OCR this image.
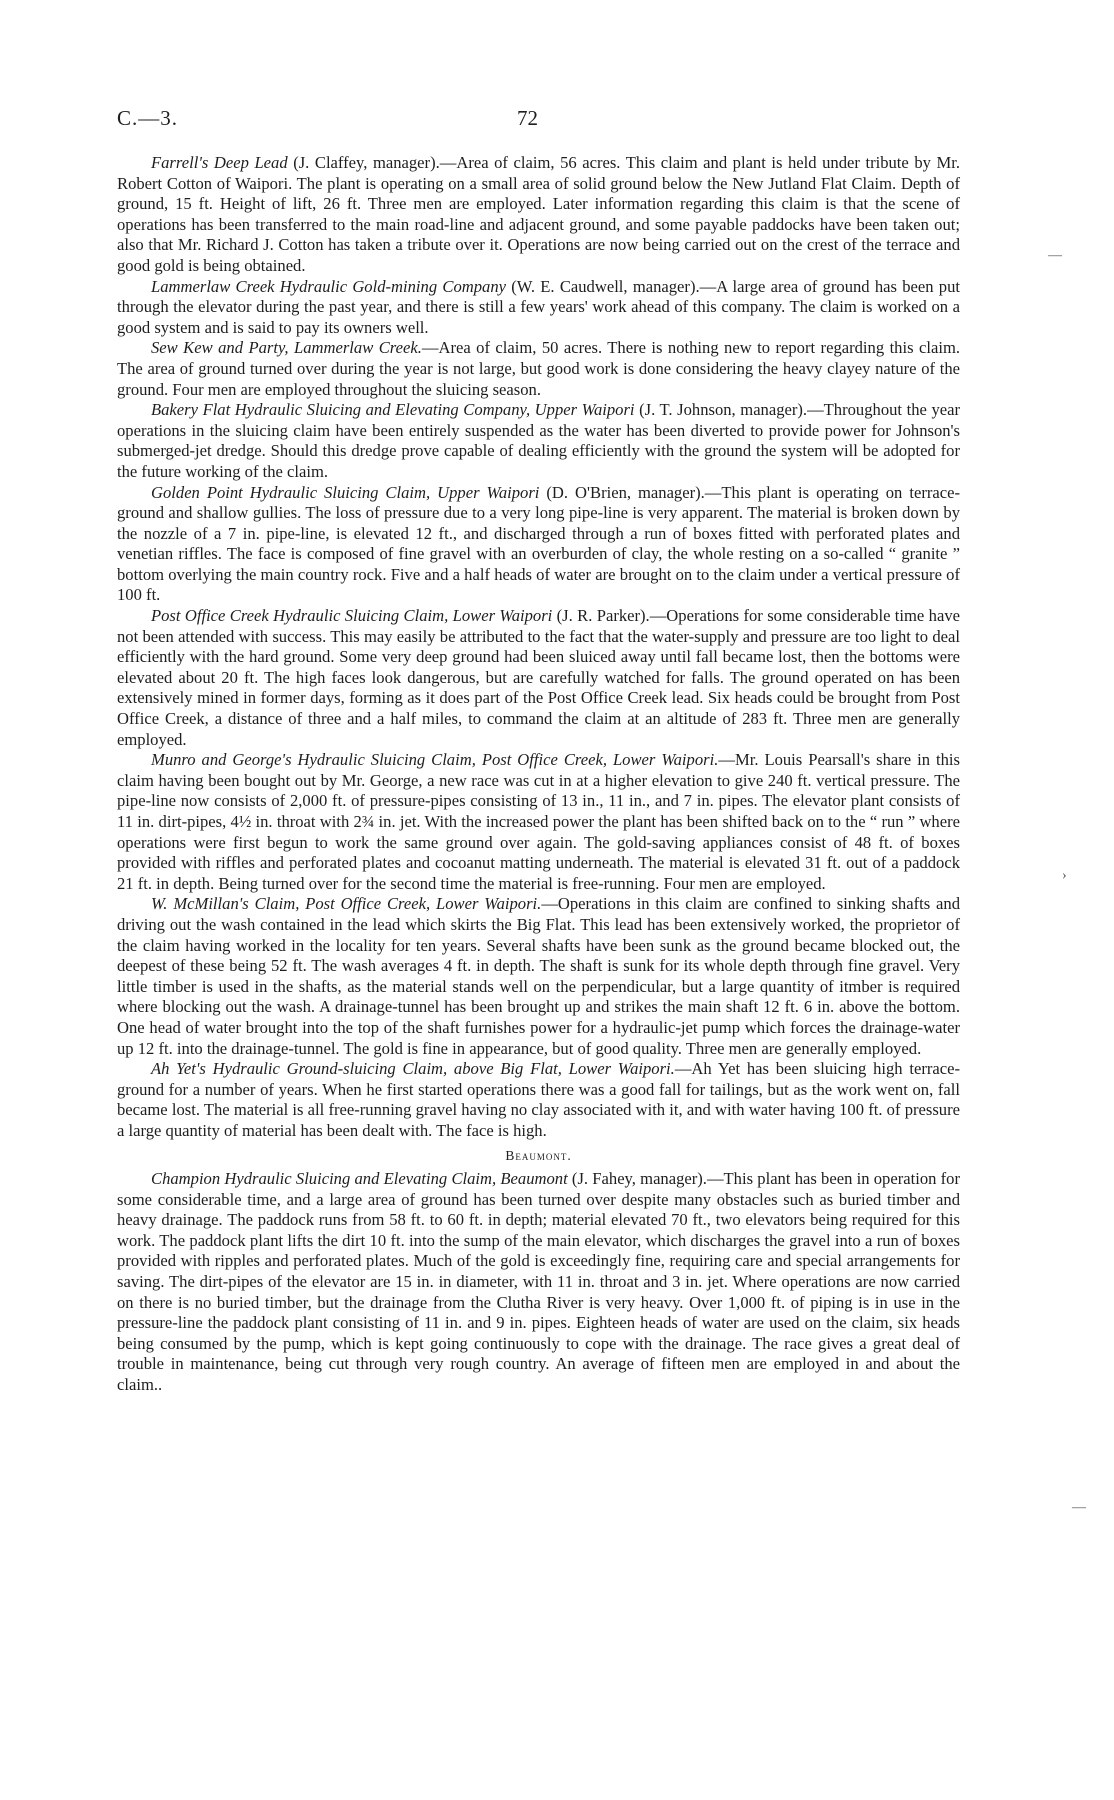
C.—3.	72

Farrell's Deep Lead (J. Claffey, manager).—Area of claim, 56 acres. This claim and plant is held under tribute by Mr. Robert Cotton of Waipori. The plant is operating on a small area of solid ground below the New Jutland Flat Claim. Depth of ground, 15 ft. Height of lift, 26 ft. Three men are employed. Later information regarding this claim is that the scene of operations has been transferred to the main road-line and adjacent ground, and some payable paddocks have been taken out; also that Mr. Richard J. Cotton has taken a tribute over it. Operations are now being carried out on the crest of the terrace and good gold is being obtained.

Lammerlaw Creek Hydraulic Gold-mining Company (W. E. Caudwell, manager).—A large area of ground has been put through the elevator during the past year, and there is still a few years' work ahead of this company. The claim is worked on a good system and is said to pay its owners well.

Sew Kew and Party, Lammerlaw Creek.—Area of claim, 50 acres. There is nothing new to report regarding this claim. The area of ground turned over during the year is not large, but good work is done considering the heavy clayey nature of the ground. Four men are employed throughout the sluicing season.

Bakery Flat Hydraulic Sluicing and Elevating Company, Upper Waipori (J. T. Johnson, manager).—Throughout the year operations in the sluicing claim have been entirely suspended as the water has been diverted to provide power for Johnson's submerged-jet dredge. Should this dredge prove capable of dealing efficiently with the ground the system will be adopted for the future working of the claim.

Golden Point Hydraulic Sluicing Claim, Upper Waipori (D. O'Brien, manager).—This plant is operating on terrace-ground and shallow gullies. The loss of pressure due to a very long pipe-line is very apparent. The material is broken down by the nozzle of a 7 in. pipe-line, is elevated 12 ft., and discharged through a run of boxes fitted with perforated plates and venetian riffles. The face is composed of fine gravel with an overburden of clay, the whole resting on a so-called “ granite ” bottom overlying the main country rock. Five and a half heads of water are brought on to the claim under a vertical pressure of 100 ft.

Post Office Creek Hydraulic Sluicing Claim, Lower Waipori (J. R. Parker).—Operations for some considerable time have not been attended with success. This may easily be attributed to the fact that the water-supply and pressure are too light to deal efficiently with the hard ground. Some very deep ground had been sluiced away until fall became lost, then the bottoms were elevated about 20 ft. The high faces look dangerous, but are carefully watched for falls. The ground operated on has been extensively mined in former days, forming as it does part of the Post Office Creek lead. Six heads could be brought from Post Office Creek, a distance of three and a half miles, to command the claim at an altitude of 283 ft. Three men are generally employed.

Munro and George's Hydraulic Sluicing Claim, Post Office Creek, Lower Waipori.—Mr. Louis Pearsall's share in this claim having been bought out by Mr. George, a new race was cut in at a higher elevation to give 240 ft. vertical pressure. The pipe-line now consists of 2,000 ft. of pressure-pipes consisting of 13 in., 11 in., and 7 in. pipes. The elevator plant consists of 11 in. dirt-pipes, 4½ in. throat with 2¾ in. jet. With the increased power the plant has been shifted back on to the “ run ” where operations were first begun to work the same ground over again. The gold-saving appliances consist of 48 ft. of boxes provided with riffles and perforated plates and cocoanut matting underneath. The material is elevated 31 ft. out of a paddock 21 ft. in depth. Being turned over for the second time the material is free-running. Four men are employed.

W. McMillan's Claim, Post Office Creek, Lower Waipori.—Operations in this claim are confined to sinking shafts and driving out the wash contained in the lead which skirts the Big Flat. This lead has been extensively worked, the proprietor of the claim having worked in the locality for ten years. Several shafts have been sunk as the ground became blocked out, the deepest of these being 52 ft. The wash averages 4 ft. in depth. The shaft is sunk for its whole depth through fine gravel. Very little timber is used in the shafts, as the material stands well on the perpendicular, but a large quantity of itmber is required where blocking out the wash. A drainage-tunnel has been brought up and strikes the main shaft 12 ft. 6 in. above the bottom. One head of water brought into the top of the shaft furnishes power for a hydraulic-jet pump which forces the drainage-water up 12 ft. into the drainage-tunnel. The gold is fine in appearance, but of good quality. Three men are generally employed.

Ah Yet's Hydraulic Ground-sluicing Claim, above Big Flat, Lower Waipori.—Ah Yet has been sluicing high terrace-ground for a number of years. When he first started operations there was a good fall for tailings, but as the work went on, fall became lost. The material is all free-running gravel having no clay associated with it, and with water having 100 ft. of pressure a large quantity of material has been dealt with. The face is high.

Beaumont.

Champion Hydraulic Sluicing and Elevating Claim, Beaumont (J. Fahey, manager).—This plant has been in operation for some considerable time, and a large area of ground has been turned over despite many obstacles such as buried timber and heavy drainage. The paddock runs from 58 ft. to 60 ft. in depth; material elevated 70 ft., two elevators being required for this work. The paddock plant lifts the dirt 10 ft. into the sump of the main elevator, which discharges the gravel into a run of boxes provided with ripples and perforated plates. Much of the gold is exceedingly fine, requiring care and special arrangements for saving. The dirt-pipes of the elevator are 15 in. in diameter, with 11 in. throat and 3 in. jet. Where operations are now carried on there is no buried timber, but the drainage from the Clutha River is very heavy. Over 1,000 ft. of piping is in use in the pressure-line the paddock plant consisting of 11 in. and 9 in. pipes. Eighteen heads of water are used on the claim, six heads being consumed by the pump, which is kept going continuously to cope with the drainage. The race gives a great deal of trouble in maintenance, being cut through very rough country. An average of fifteen men are employed in and about the claim..

—
›
—
